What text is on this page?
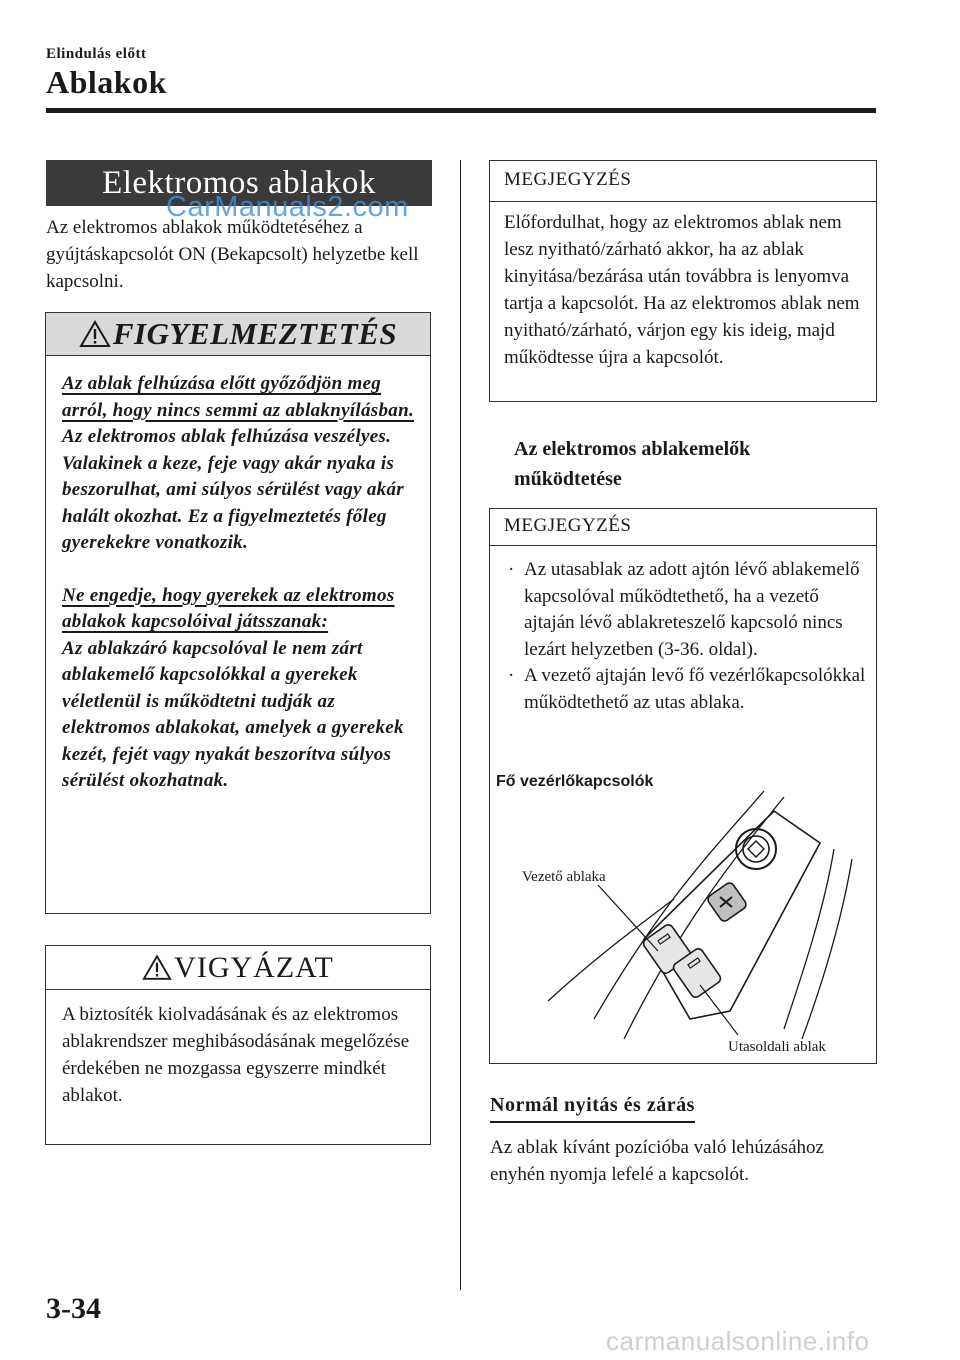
Elindulás előtt
Ablakok
Elektromos ablakok
Az elektromos ablakok működtetéséhez a gyújtáskapcsolót ON (Bekapcsolt) helyzetbe kell kapcsolni.
CarManuals2.com
FIGYELMEZTETÉS
Az ablak felhúzása előtt győződjön meg arról, hogy nincs semmi az ablaknyílásban.
Az elektromos ablak felhúzása veszélyes. Valakinek a keze, feje vagy akár nyaka is beszorulhat, ami súlyos sérülést vagy akár halált okozhat. Ez a figyelmeztetés főleg gyerekekre vonatkozik.
Ne engedje, hogy gyerekek az elektromos ablakok kapcsolóival játsszanak:
Az ablakzáró kapcsolóval le nem zárt ablakemelő kapcsolókkal a gyerekek véletlenül is működtetni tudják az elektromos ablakokat, amelyek a gyerekek kezét, fejét vagy nyakát beszorítva súlyos sérülést okozhatnak.
VIGYÁZAT
A biztosíték kiolvadásának és az elektromos ablakrendszer meghibásodásának megelőzése érdekében ne mozgassa egyszerre mindkét ablakot.
MEGJEGYZÉS
Előfordulhat, hogy az elektromos ablak nem lesz nyitható/zárható akkor, ha az ablak kinyitása/bezárása után továbbra is lenyomva tartja a kapcsolót. Ha az elektromos ablak nem nyitható/zárható, várjon egy kis ideig, majd működtesse újra a kapcsolót.
Az elektromos ablakemelők
működtetése
MEGJEGYZÉS
· Az utasablak az adott ajtón lévő ablakemelő kapcsolóval működtethető, ha a vezető ajtaján lévő ablakreteszelő kapcsoló nincs lezárt helyzetben (3-36. oldal).
· A vezető ajtaján levő fő vezérlőkapcsolókkal működtethető az utas ablaka.
Fő vezérlőkapcsolók
Vezető ablaka
Utasoldali ablak
Normál nyitás és zárás
Az ablak kívánt pozícióba való lehúzásához enyhén nyomja lefelé a kapcsolót.
3-34
carmanualsonline.info
